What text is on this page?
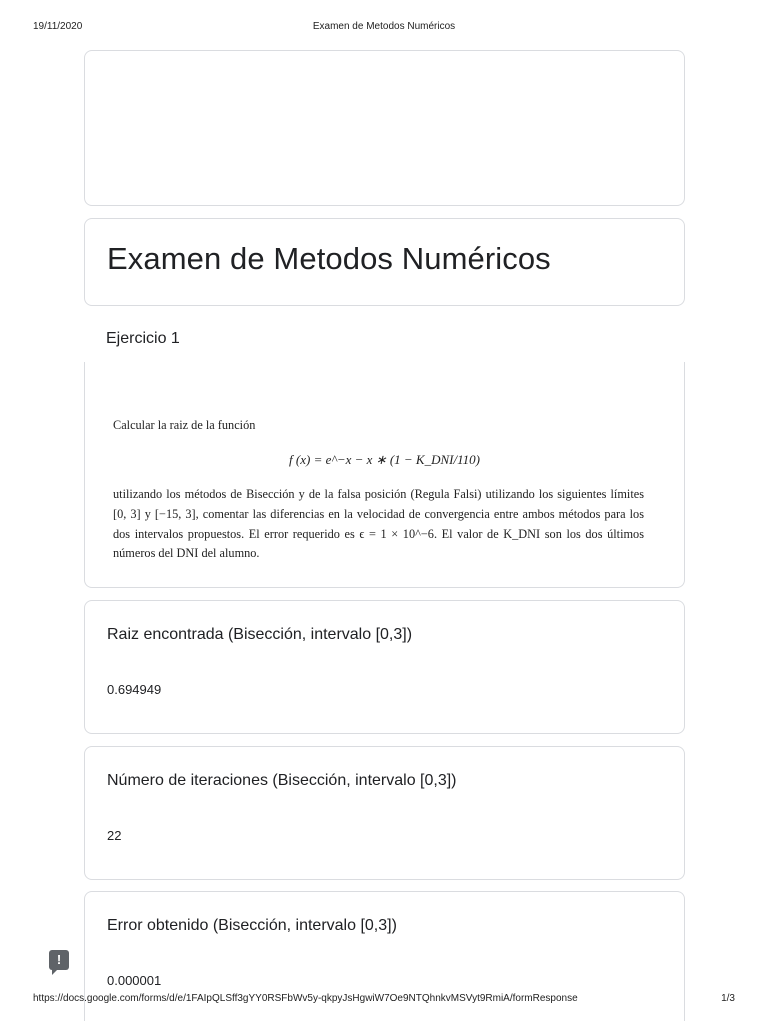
19/11/2020	Examen de Metodos Numéricos
Examen de Metodos Numéricos
Ejercicio 1
Calcular la raiz de la función
f (x) = e^−x − x ∗ (1 − K_DNI/110)
utilizando los métodos de Bisección y de la falsa posición (Regula Falsi) utilizando los siguientes límites [0, 3] y [−15, 3], comentar las diferencias en la velocidad de convergencia entre ambos métodos para los dos intervalos propuestos. El error requerido es ϵ = 1 × 10^−6. El valor de K_DNI son los dos últimos números del DNI del alumno.
Raiz encontrada (Bisección, intervalo [0,3])
0.694949
Número de iteraciones (Bisección, intervalo [0,3])
22
Error obtenido (Bisección, intervalo [0,3])
0.000001
!
https://docs.google.com/forms/d/e/1FAIpQLSff3gYY0RSFbWv5y-qkpyJsHgwiW7Oe9NTQhnkvMSVyt9RmiA/formResponse	1/3
